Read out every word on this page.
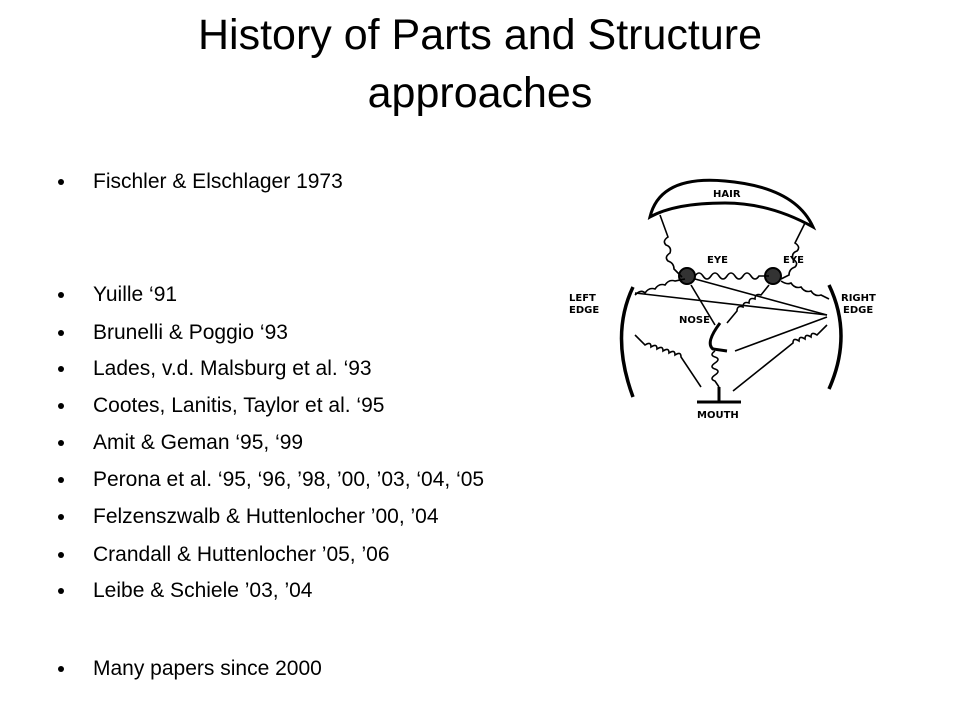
History of Parts and Structure
approaches
Fischler & Elschlager 1973
Yuille ‘91
Brunelli & Poggio ‘93
Lades, v.d. Malsburg et al. ‘93
Cootes, Lanitis, Taylor et al. ‘95
Amit & Geman ‘95, ‘99
Perona et al. ‘95, ‘96, ’98, ’00, ’03, ‘04, ‘05
Felzenszwalb & Huttenlocher ’00, ’04
Crandall & Huttenlocher ’05, ’06
Leibe & Schiele ’03, ’04
Many papers since 2000
HAIR
EYE	EYE
LEFT
EDGE
RIGHT
EDGE
NOSE
MOUTH
